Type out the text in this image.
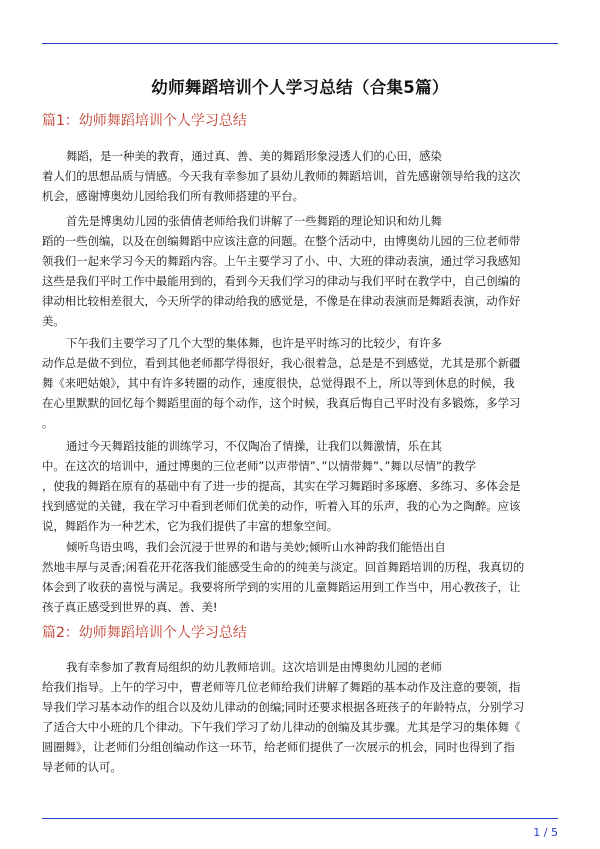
幼师舞蹈培训个人学习总结（合集5篇）
篇1：幼师舞蹈培训个人学习总结
舞蹈，是一种美的教育，通过真、善、美的舞蹈形象浸透人们的心田，感染
着人们的思想品质与情感。今天我有幸参加了县幼儿教师的舞蹈培训，首先感谢领导给我的这次
机会，感谢博奥幼儿园给我们所有教师搭建的平台。
首先是博奥幼儿园的张倩倩老师给我们讲解了一些舞蹈的理论知识和幼儿舞
蹈的一些创编，以及在创编舞蹈中应该注意的问题。在整个活动中，由博奥幼儿园的三位老师带
领我们一起来学习今天的舞蹈内容。上午主要学习了小、中、大班的律动表演，通过学习我感知
这些是我们平时工作中最能用到的，看到今天我们学习的律动与我们平时在教学中，自己创编的
律动相比较相差很大，今天所学的律动给我的感觉是，不像是在律动表演而是舞蹈表演，动作好
美。
下午我们主要学习了几个大型的集体舞，也许是平时练习的比较少，有许多
动作总是做不到位，看到其他老师都学得很好，我心很着急，总是是不到感觉，尤其是那个新疆
舞《来吧姑娘》，其中有许多转圈的动作，速度很快，总觉得跟不上，所以等到休息的时候，我
在心里默默的回忆每个舞蹈里面的每个动作，这个时候，我真后悔自己平时没有多锻炼，多学习
。
通过今天舞蹈技能的训练学习，不仅陶冶了情操，让我们以舞激情，乐在其
中。在这次的培训中，通过博奥的三位老师”以声带情”、”以情带舞”、”舞以尽情”的教学
，使我的舞蹈在原有的基础中有了进一步的提高，其实在学习舞蹈时多琢磨、多练习、多体会是
找到感觉的关键，我在学习中看到老师们优美的动作，听着入耳的乐声，我的心为之陶醉。应该
说，舞蹈作为一种艺术，它为我们提供了丰富的想象空间。
倾听鸟语虫鸣，我们会沉浸于世界的和谐与美妙;倾听山水神韵我们能悟出自
然地丰厚与灵香;闲看花开花落我们能感受生命的的纯美与淡定。回首舞蹈培训的历程，我真切的
体会到了收获的喜悦与满足。我要将所学到的实用的儿童舞蹈运用到工作当中，用心教孩子，让
孩子真正感受到世界的真、善、美!
篇2：幼师舞蹈培训个人学习总结
我有幸参加了教育局组织的幼儿教师培训。这次培训是由博奥幼儿园的老师
给我们指导。上午的学习中，曹老师等几位老师给我们讲解了舞蹈的基本动作及注意的要领，指
导我们学习基本动作的组合以及幼儿律动的创编;同时还要求根据各班孩子的年龄特点，分别学习
了适合大中小班的几个律动。下午我们学习了幼儿律动的创编及其步骤。尤其是学习的集体舞《
圆圈舞》，让老师们分组创编动作这一环节，给老师们提供了一次展示的机会，同时也得到了指
导老师的认可。
1 / 5
